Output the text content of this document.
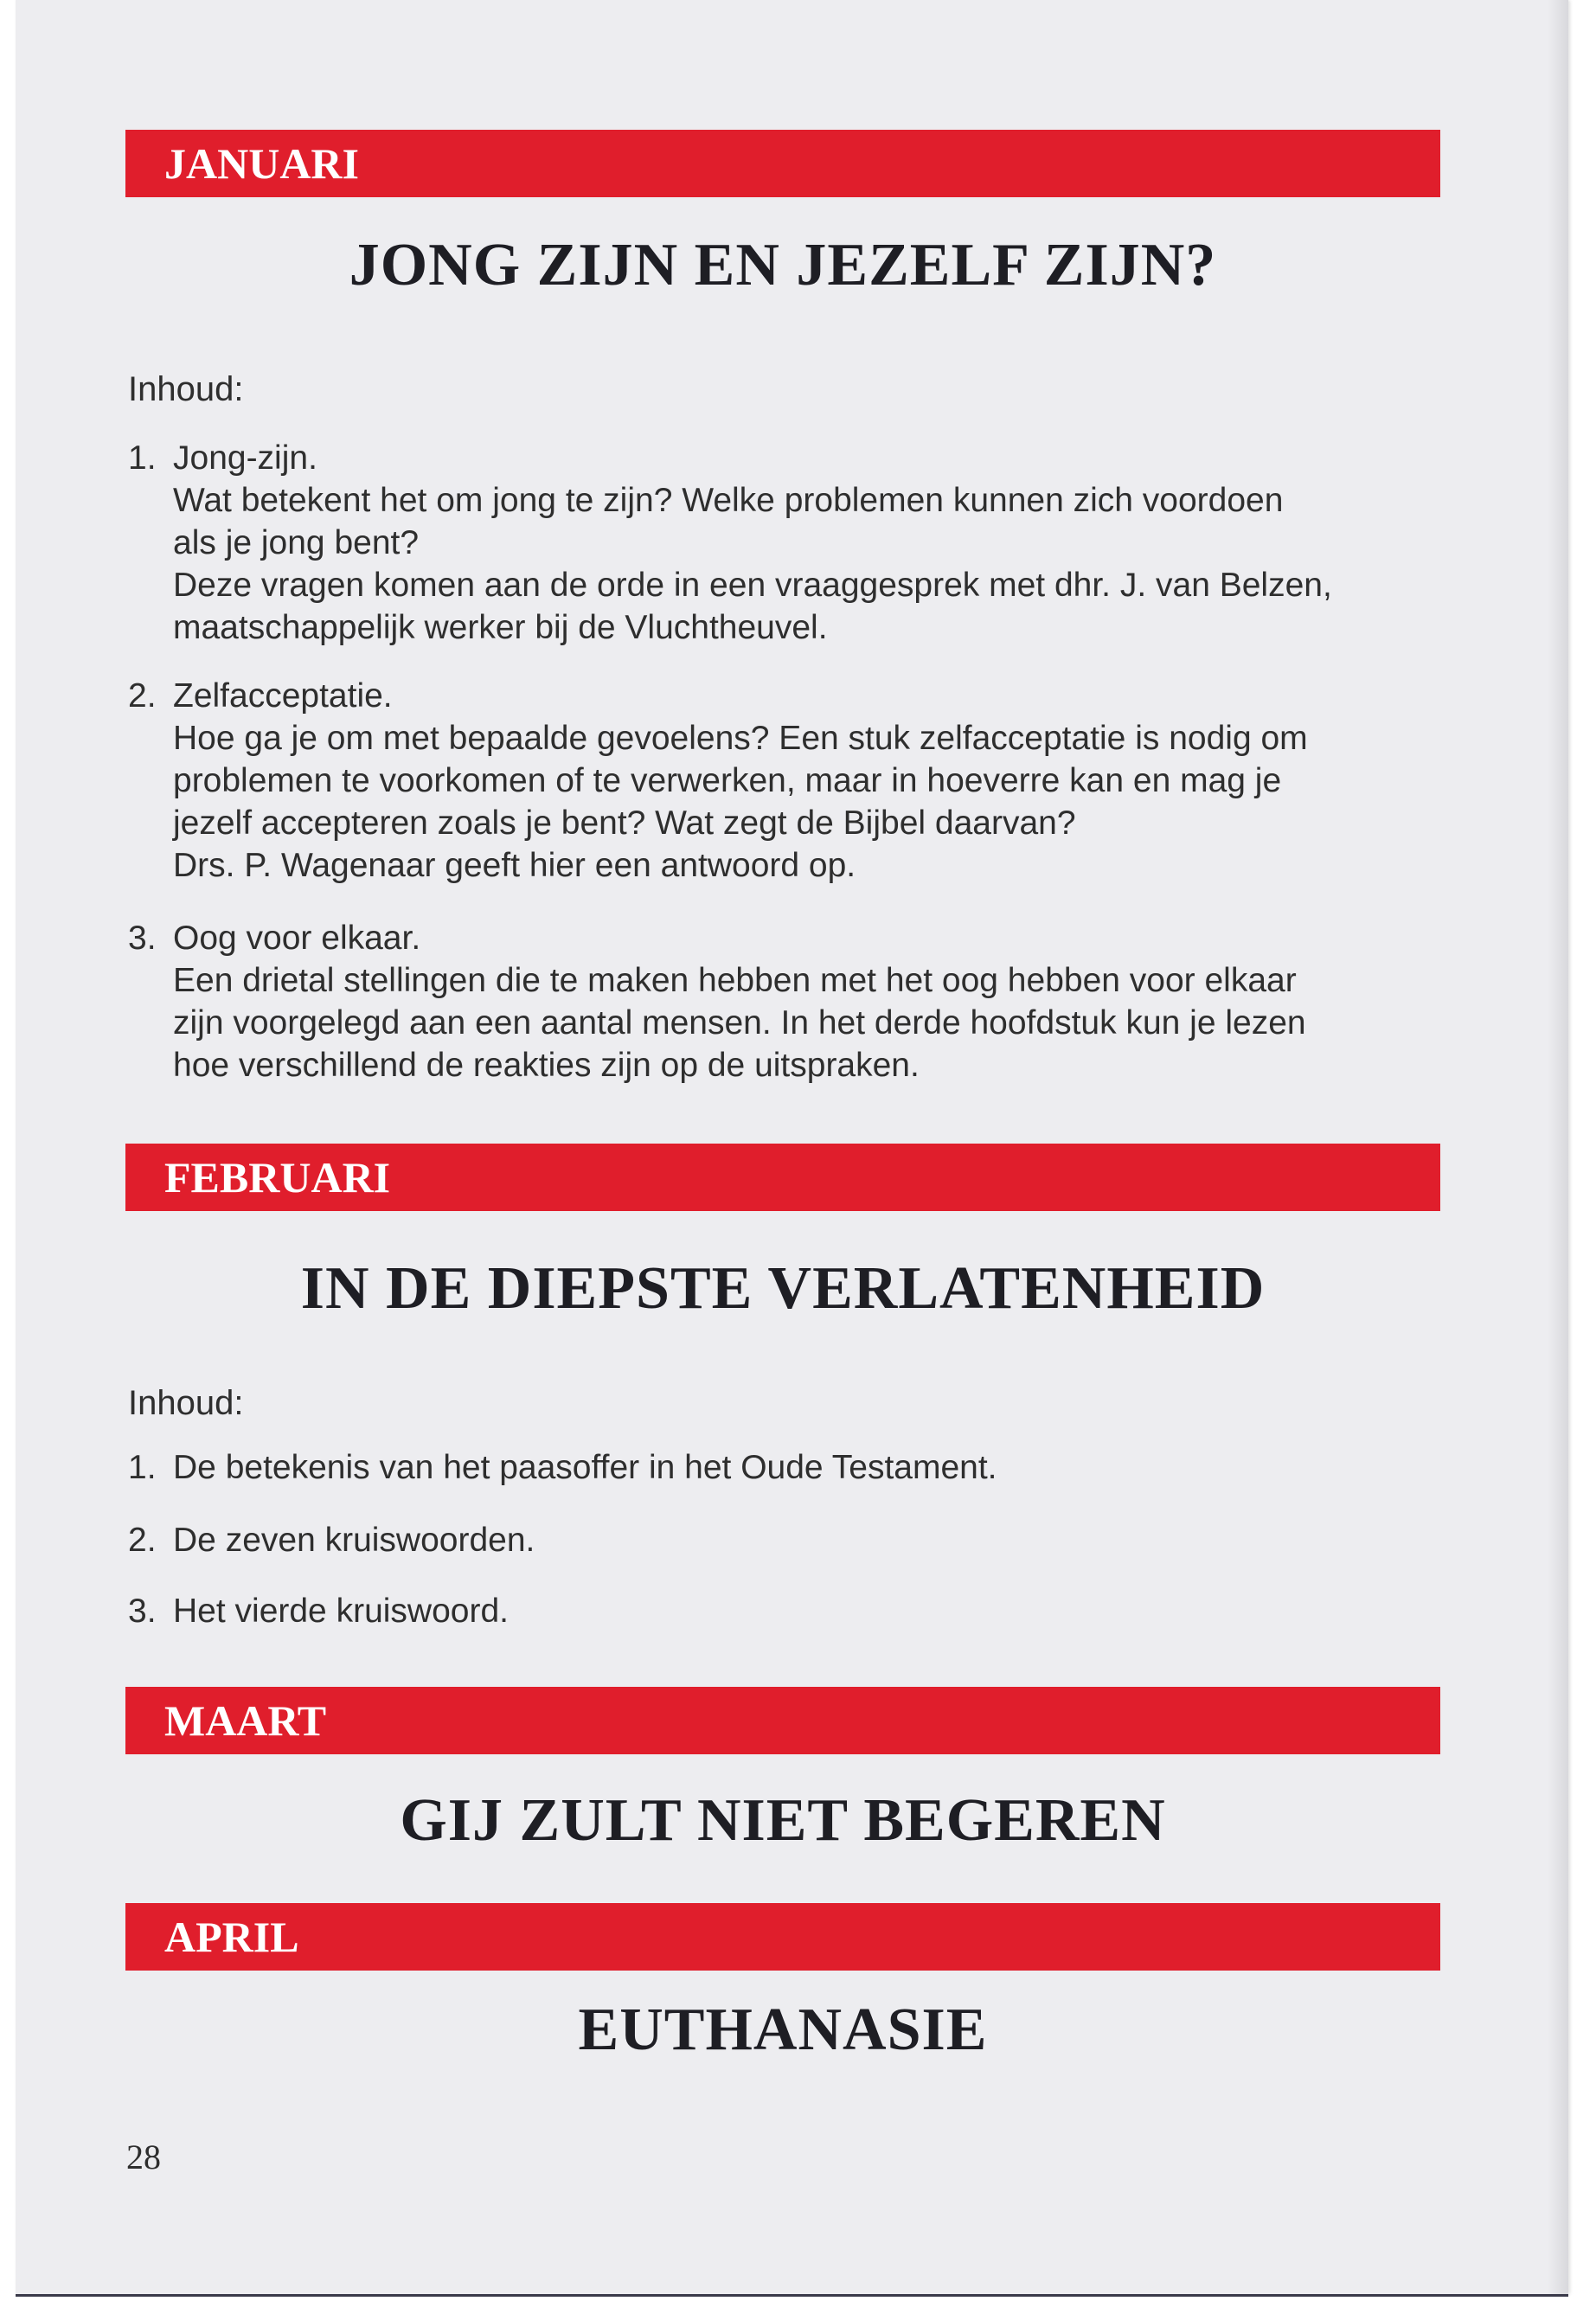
JANUARI
JONG ZIJN EN JEZELF ZIJN?
Inhoud:
1. Jong-zijn.
Wat betekent het om jong te zijn? Welke problemen kunnen zich voordoen
als je jong bent?
Deze vragen komen aan de orde in een vraaggesprek met dhr. J. van Belzen,
maatschappelijk werker bij de Vluchtheuvel.
2. Zelfacceptatie.
Hoe ga je om met bepaalde gevoelens? Een stuk zelfacceptatie is nodig om
problemen te voorkomen of te verwerken, maar in hoeverre kan en mag je
jezelf accepteren zoals je bent? Wat zegt de Bijbel daarvan?
Drs. P. Wagenaar geeft hier een antwoord op.
3. Oog voor elkaar.
Een drietal stellingen die te maken hebben met het oog hebben voor elkaar
zijn voorgelegd aan een aantal mensen. In het derde hoofdstuk kun je lezen
hoe verschillend de reakties zijn op de uitspraken.
FEBRUARI
IN DE DIEPSTE VERLATENHEID
Inhoud:
1. De betekenis van het paasoffer in het Oude Testament.
2. De zeven kruiswoorden.
3. Het vierde kruiswoord.
MAART
GIJ ZULT NIET BEGEREN
APRIL
EUTHANASIE
28
